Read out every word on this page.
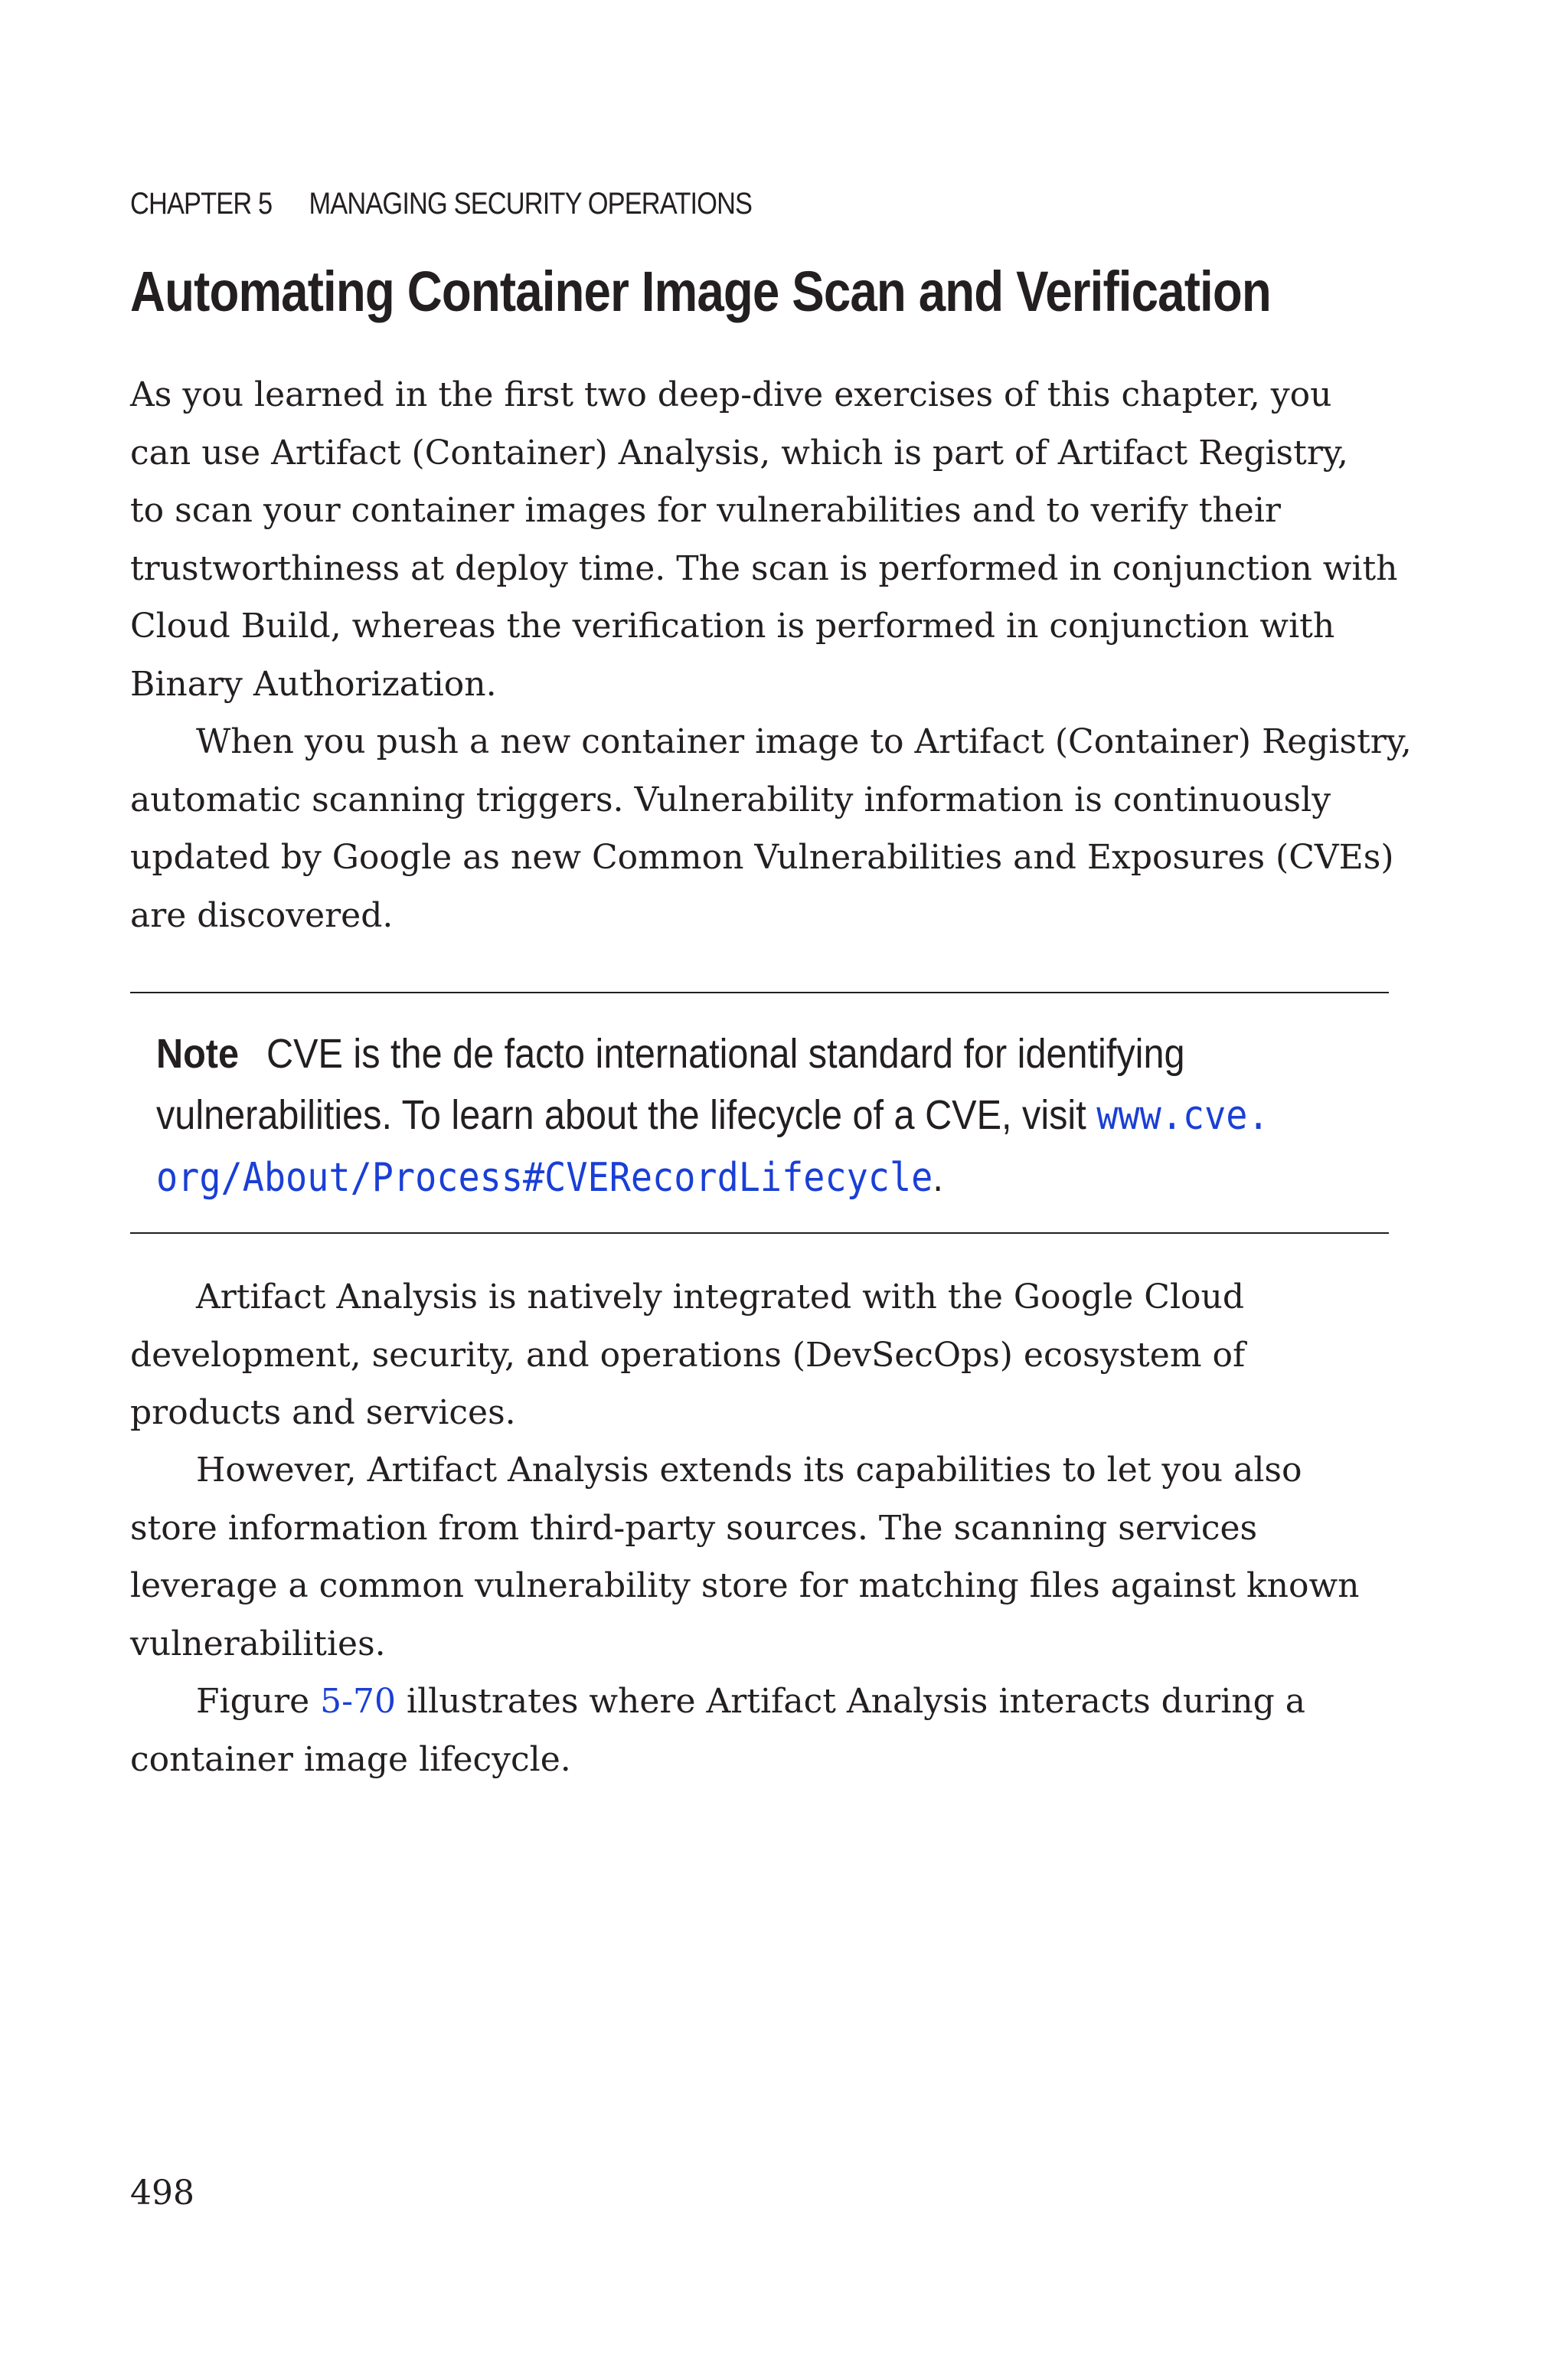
CHAPTER 5 MANAGING SECURITY OPERATIONS
Automating Container Image Scan and Verification

As you learned in the first two deep-dive exercises of this chapter, you

can use Artifact (Container) Analysis, which is part of Artifact Registry,

to scan your container images for vulnerabilities and to verify their

trustworthiness at deploy time. The scan is performed in conjunction with

Cloud Build, whereas the verification is performed in conjunction with

Binary Authorization.

When you push a new container image to Artifact (Container) Registry,

automatic scanning triggers. Vulnerability information is continuously

updated by Google as new Common Vulnerabilities and Exposures (CVEs)

are discovered.

Note CVE is the de facto international standard for identifying
vulnerabilities. To learn about the lifecycle of a CVE, visit www.cve.
org/About/Process#CVERecordLifecycle.

Artifact Analysis is natively integrated with the Google Cloud

development, security, and operations (DevSecOps) ecosystem of

products and services.

However, Artifact Analysis extends its capabilities to let you also

store information from third-party sources. The scanning services

leverage a common vulnerability store for matching files against known

vulnerabilities.

Figure 5-70 illustrates where Artifact Analysis interacts during a

container image lifecycle.

498
